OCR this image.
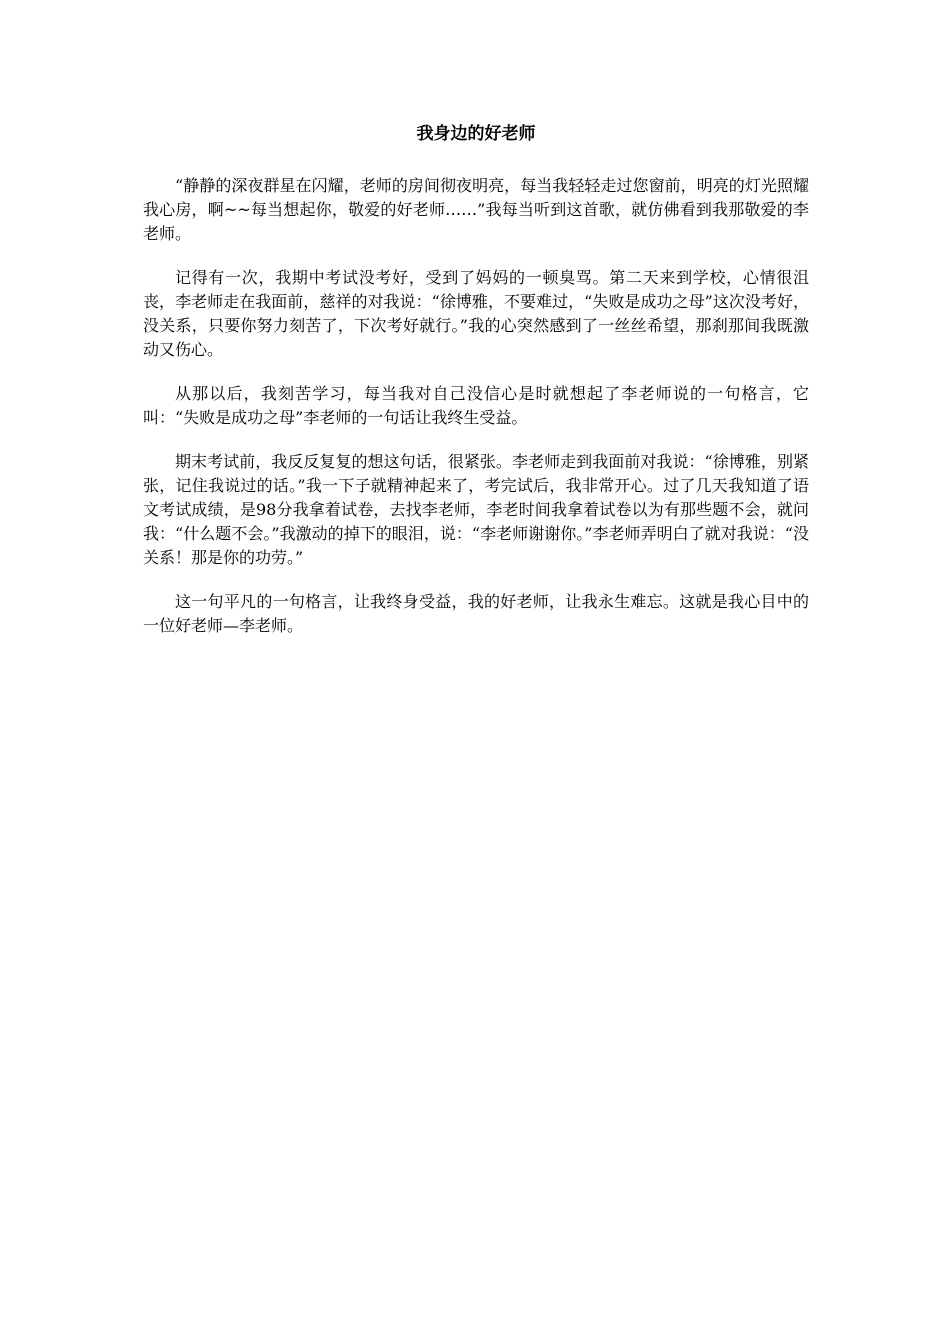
我身边的好老师

“静静的深夜群星在闪耀，老师的房间彻夜明亮，每当我轻轻走过您窗前，明亮的灯光照耀我心房，啊~~每当想起你，敬爱的好老师……”我每当听到这首歌，就仿佛看到我那敬爱的李老师。

记得有一次，我期中考试没考好，受到了妈妈的一顿臭骂。第二天来到学校，心情很沮丧，李老师走在我面前，慈祥的对我说：“徐博雅，不要难过，“失败是成功之母”这次没考好，没关系，只要你努力刻苦了，下次考好就行。”我的心突然感到了一丝丝希望，那刹那间我既激动又伤心。

从那以后，我刻苦学习，每当我对自己没信心是时就想起了李老师说的一句格言，它叫：“失败是成功之母”李老师的一句话让我终生受益。

期末考试前，我反反复复的想这句话，很紧张。李老师走到我面前对我说：“徐博雅，别紧张，记住我说过的话。”我一下子就精神起来了，考完试后，我非常开心。过了几天我知道了语文考试成绩，是98分我拿着试卷，去找李老师，李老时间我拿着试卷以为有那些题不会，就问我：“什么题不会。”我激动的掉下的眼泪，说：“李老师谢谢你。”李老师弄明白了就对我说：“没关系！那是你的功劳。”

这一句平凡的一句格言，让我终身受益，我的好老师，让我永生难忘。这就是我心目中的一位好老师—李老师。
